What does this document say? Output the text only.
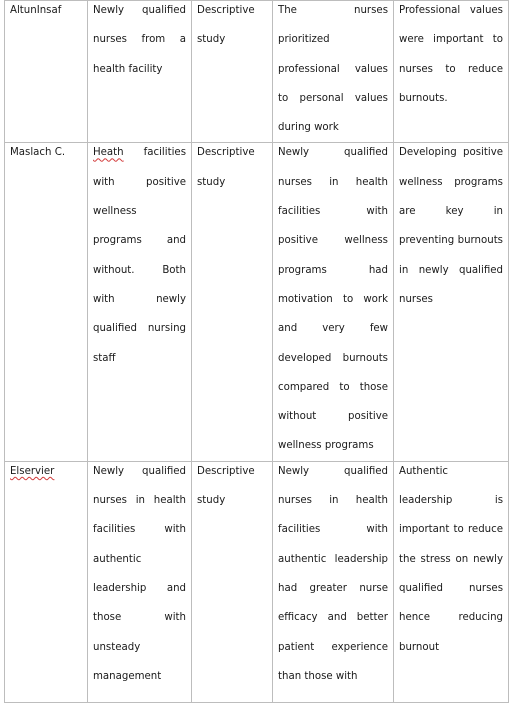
AltunInsaf	Newly qualified nurses from a health facility	Descriptive study	The nurses prioritized professional values to personal values during work	Professional values were important to nurses to reduce burnouts.

Maslach C.	Heath facilities with positive wellness programs and without. Both with newly qualified nursing staff	Descriptive study	Newly qualified nurses in health facilities with positive wellness programs had motivation to work and very few developed burnouts compared to those without positive wellness programs	Developing positive wellness programs are key in preventing burnouts in newly qualified nurses

Elservier	Newly qualified nurses in health facilities with authentic leadership and those with unsteady management	Descriptive study	Newly qualified nurses in health facilities with authentic leadership had greater nurse efficacy and better patient experience than those with	Authentic leadership is important to reduce the stress on newly qualified nurses hence reducing burnout
